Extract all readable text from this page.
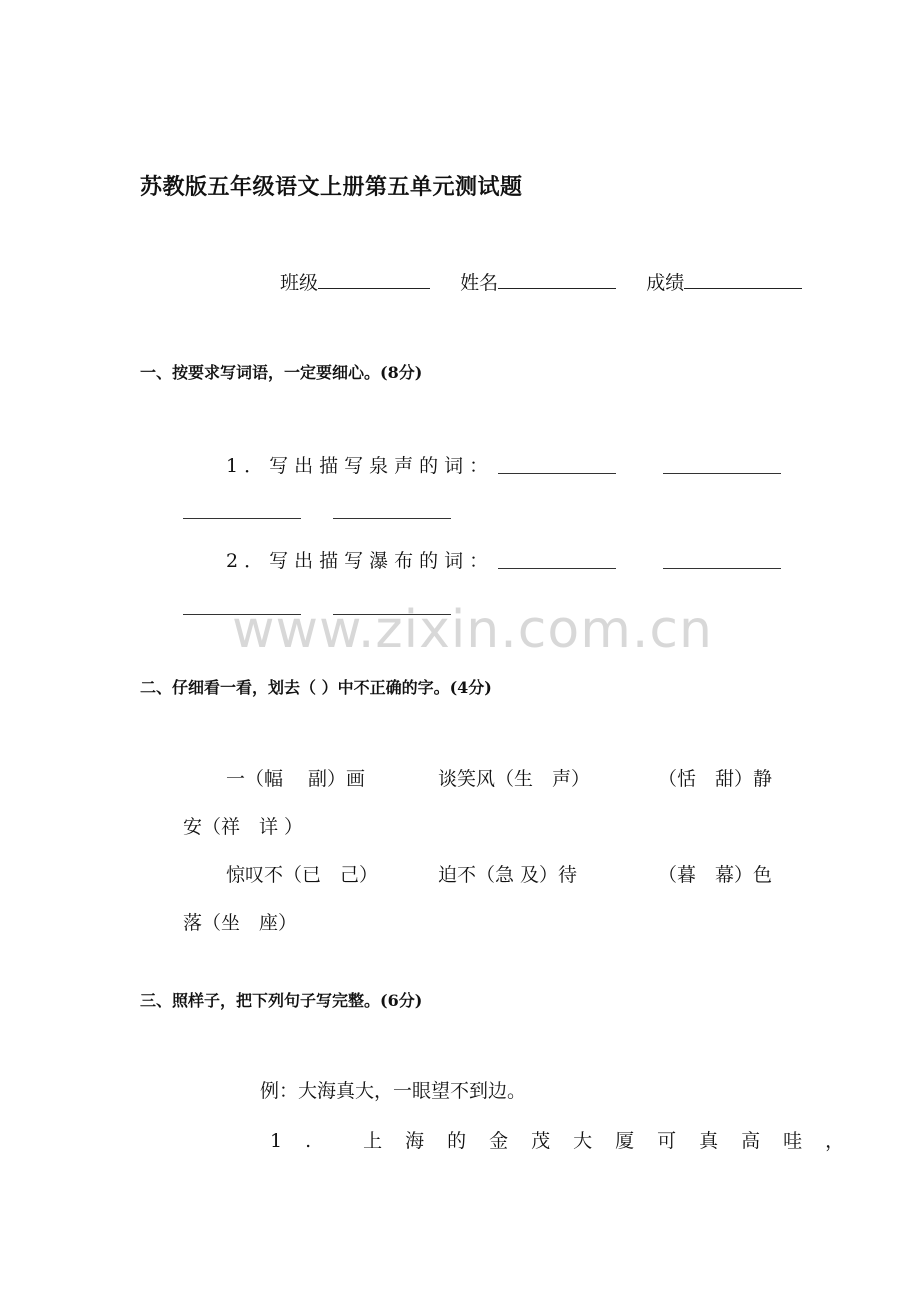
苏教版五年级语文上册第五单元测试题
班级	姓名	成绩
一、按要求写词语，一定要细心。(8分)
1．写出描写泉声的词：
2．写出描写瀑布的词：
www.zixin.com.cn
二、仔细看一看，划去（ ）中不正确的字。(4分)
一（幅　 副）画	谈笑风（生　声）	（恬　甜）静
安（祥　详 ）
惊叹不（已　己）	迫不（急 及）待	（暮　幕）色
落（坐　座）
三、照样子，把下列句子写完整。(6分)
例：大海真大，一眼望不到边。
1. 上海的金茂大厦可真高哇，
